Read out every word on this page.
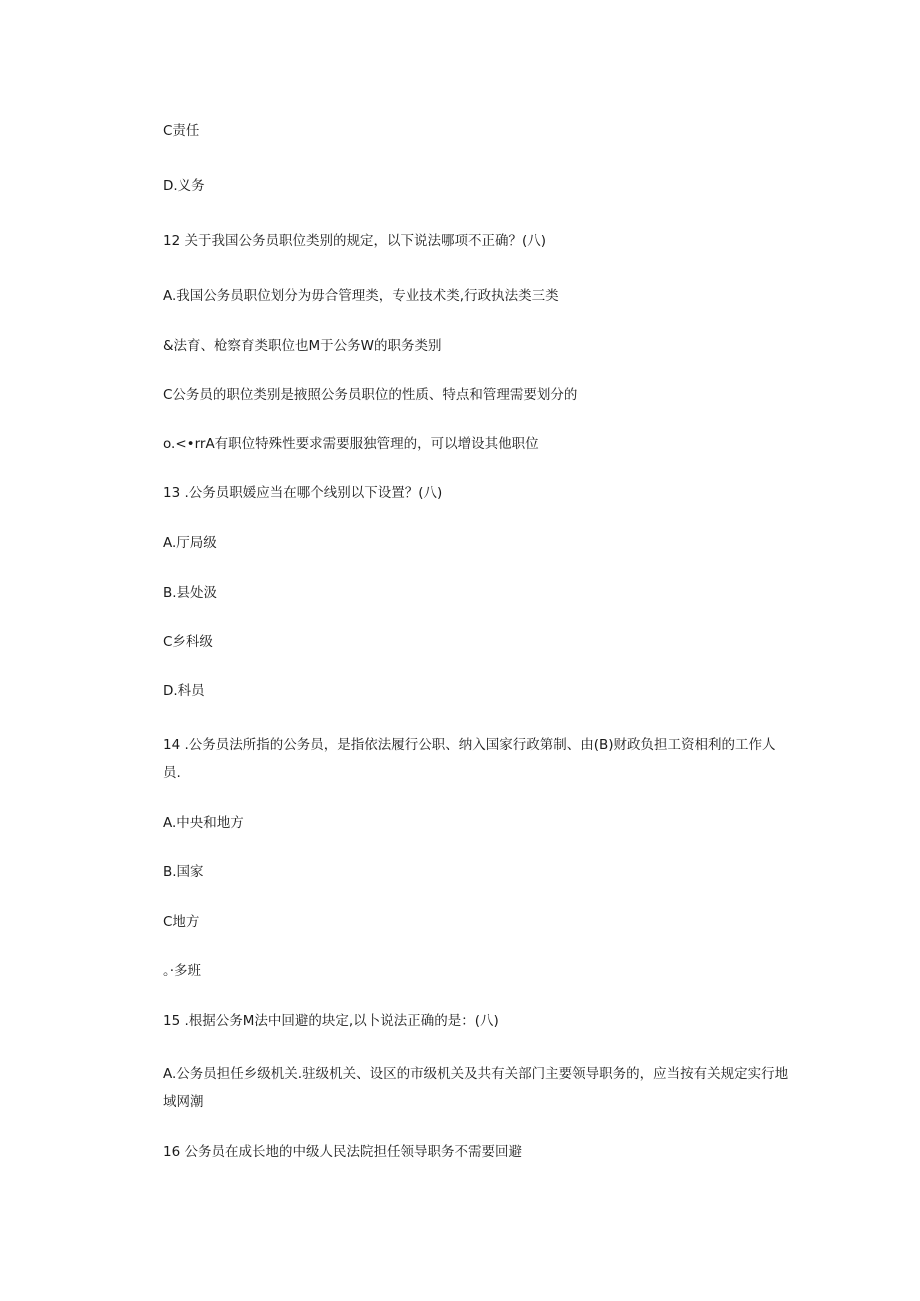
C责任
D.义务
12 关于我国公务员职位类别的规定，以下说法哪项不正确？(八)
A.我国公务员职位划分为毋合管理类，专业技术类,行政执法类三类
&法育、枪察育类职位也M于公务W的职务类别
C公务员的职位类别是掖照公务员职位的性质、特点和管理需要划分的
o.<•rrA有职位特殊性要求需要服独管理的，可以增设其他职位
13 .公务员职媛应当在哪个线别以下设置？(八)
A.厅局级
B.县处汲
C乡科级
D.科员
14 .公务员法所指的公务员，是指依法履行公职、纳入国家行政第制、由(B)财政负担工资相利的工作人员.
A.中央和地方
B.国家
C地方
。·多班
15 .根据公务M法中回避的块定,以卜说法正确的是：(八)
A.公务员担任乡级机关.驻级机关、设区的市级机关及共有关部门主要领导职务的，应当按有关规定实行地域网潮
16 公务员在成长地的中级人民法院担任领导职务不需要回避
